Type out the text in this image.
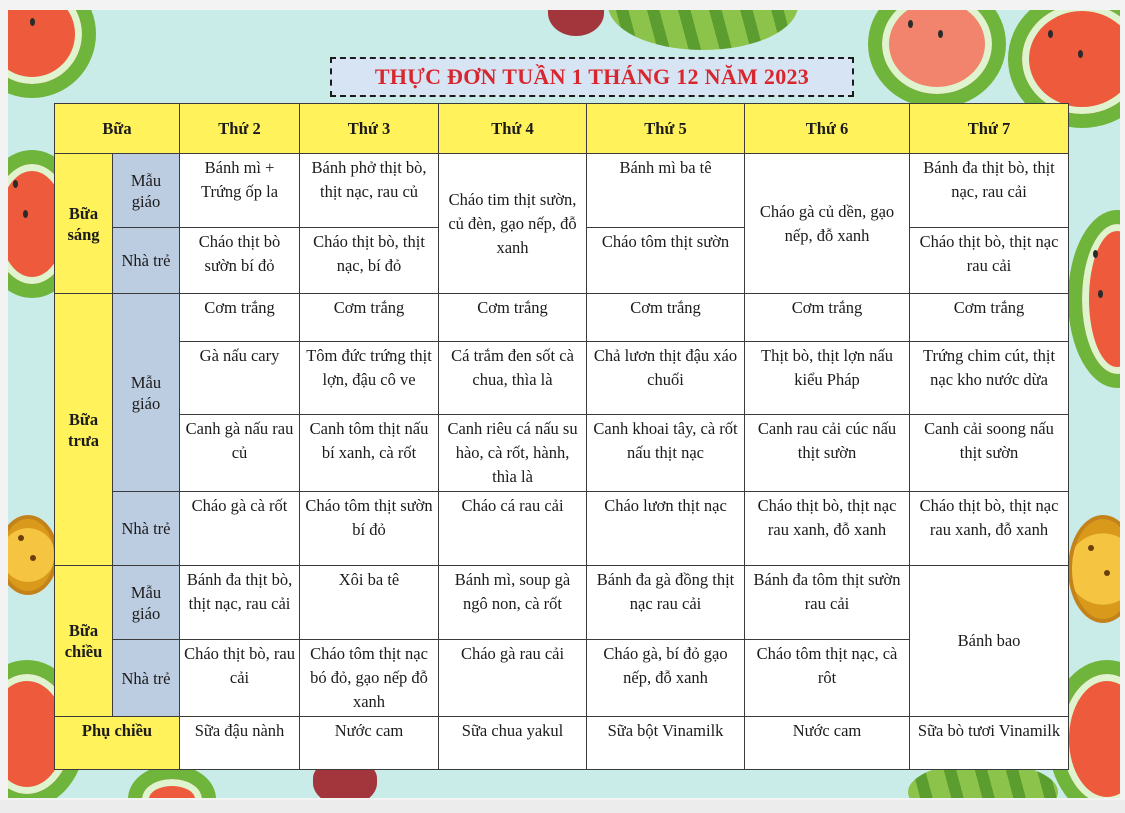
THỰC ĐƠN TUẦN 1 THÁNG 12 NĂM 2023
Bữa		Thứ 2	Thứ 3	Thứ 4	Thứ 5	Thứ 6	Thứ 7
Bữa sáng	Mẫu giáo	Bánh mì + Trứng ốp la	Bánh phở thịt bò, thịt nạc, rau củ	Cháo tim thịt sườn, củ đèn, gạo nếp, đỗ xanh	Bánh mì ba tê	Cháo gà củ dền, gạo nếp, đỗ xanh	Bánh đa thịt bò, thịt nạc, rau cải
	Nhà trẻ	Cháo thịt bò sườn bí đỏ	Cháo thịt bò, thịt nạc, bí đỏ		Cháo tôm thịt sườn		Cháo thịt bò, thịt nạc rau cải
Bữa trưa	Mẫu giáo	Cơm trắng	Cơm trắng	Cơm trắng	Cơm trắng	Cơm trắng	Cơm trắng
		Gà nấu cary	Tôm đức trứng thịt lợn, đậu cô ve	Cá trắm đen sốt cà chua, thìa là	Chả lươn thịt đậu xáo chuối	Thịt bò, thịt lợn nấu kiểu Pháp	Trứng chim cút, thịt nạc kho nước dừa
		Canh gà nấu rau củ	Canh tôm thịt nấu bí xanh, cà rốt	Canh riêu cá nấu su hào, cà rốt, hành, thìa là	Canh khoai tây, cà rốt nấu thịt nạc	Canh rau cải cúc nấu thịt sườn	Canh cải soong nấu thịt sườn
	Nhà trẻ	Cháo gà cà rốt	Cháo tôm thịt sườn bí đỏ	Cháo cá rau cải	Cháo lươn thịt nạc	Cháo thịt bò, thịt nạc rau xanh, đỗ xanh	Cháo thịt bò, thịt nạc rau xanh, đỗ xanh
Bữa chiều	Mẫu giáo	Bánh đa thịt bò, thịt nạc, rau cải	Xôi ba tê	Bánh mì, soup gà ngô non, cà rốt	Bánh đa gà đồng thịt nạc rau cải	Bánh đa tôm thịt sườn rau cải	Bánh bao
	Nhà trẻ	Cháo thịt bò, rau cải	Cháo tôm thịt nạc bó đỏ, gạo nếp đỗ xanh	Cháo gà rau cải	Cháo gà, bí đỏ gạo nếp, đỗ xanh	Cháo tôm thịt nạc, cà rôt	
Phụ chiều		Sữa đậu nành	Nước cam	Sữa chua yakul	Sữa bột Vinamilk	Nước cam	Sữa bò tươi Vinamilk
